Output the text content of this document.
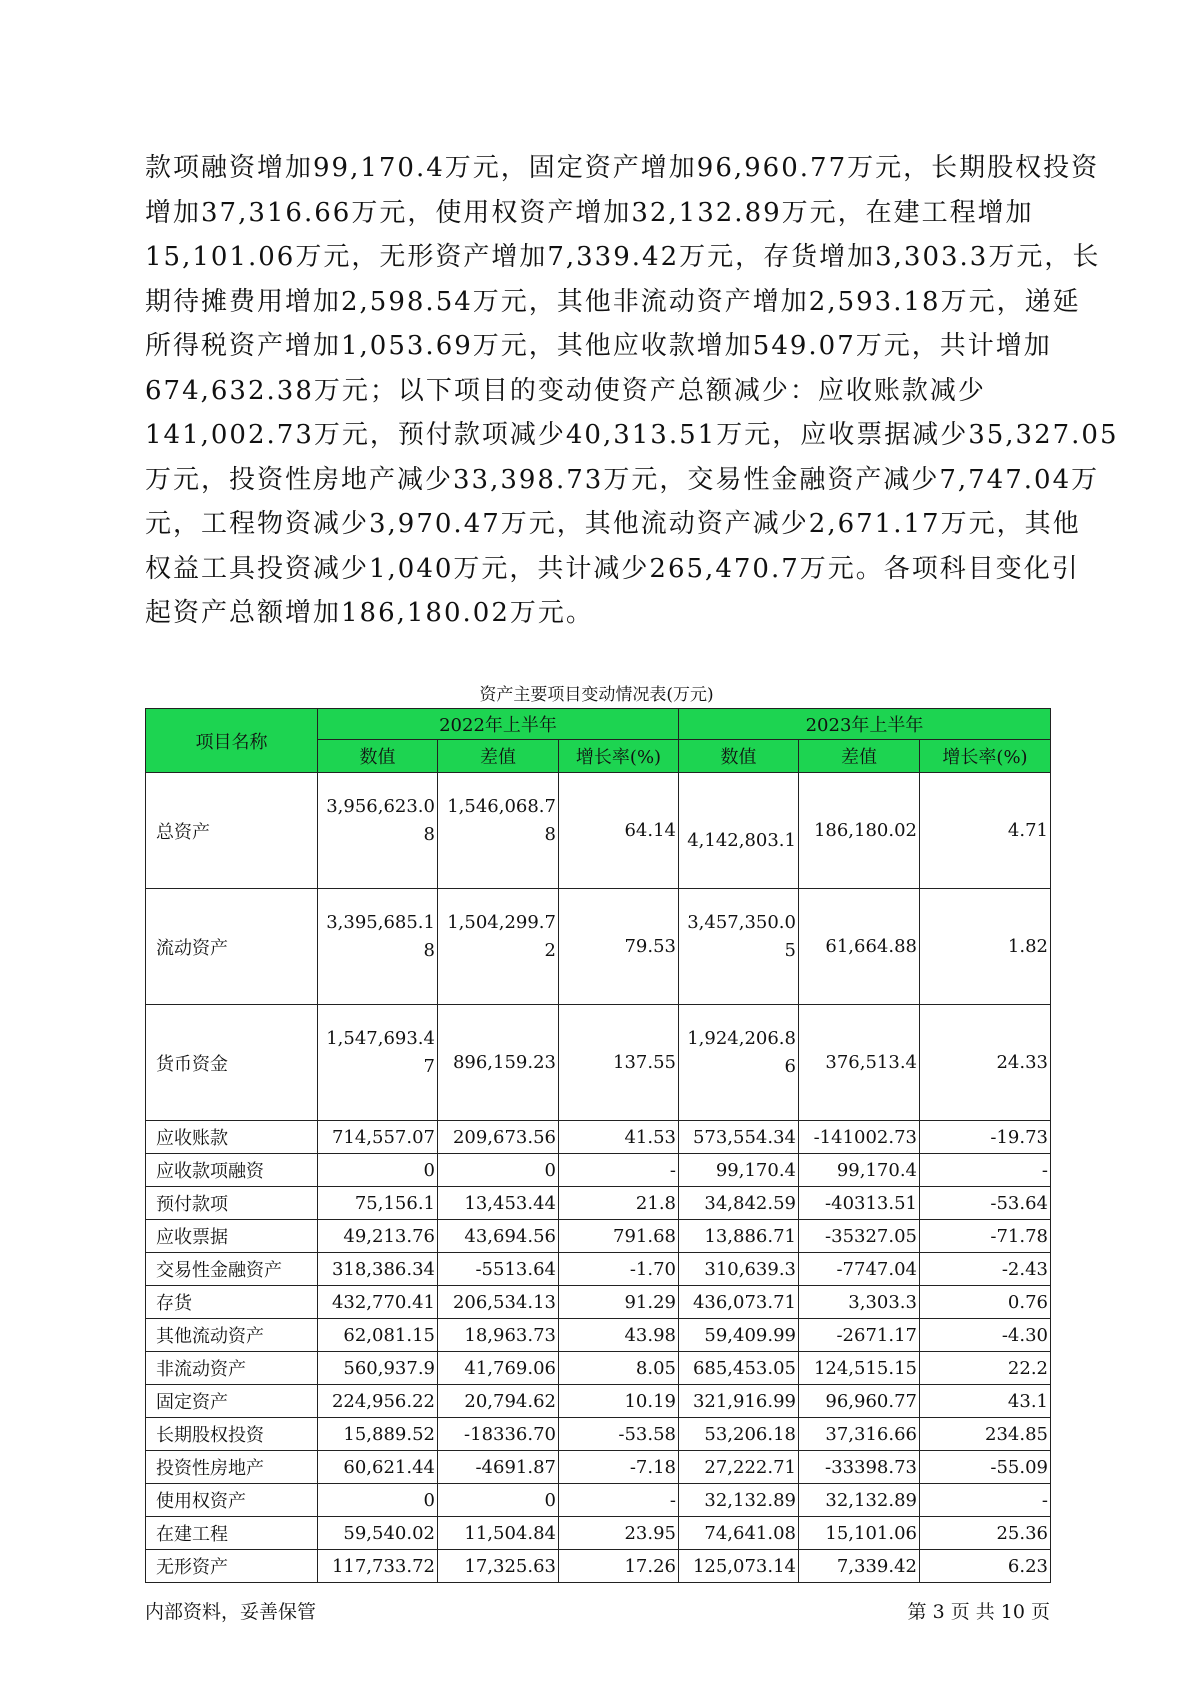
款项融资增加99,170.4万元，固定资产增加96,960.77万元，长期股权投资
增加37,316.66万元，使用权资产增加32,132.89万元，在建工程增加
15,101.06万元，无形资产增加7,339.42万元，存货增加3,303.3万元，长
期待摊费用增加2,598.54万元，其他非流动资产增加2,593.18万元，递延
所得税资产增加1,053.69万元，其他应收款增加549.07万元，共计增加
674,632.38万元；以下项目的变动使资产总额减少：应收账款减少
141,002.73万元，预付款项减少40,313.51万元，应收票据减少35,327.05
万元，投资性房地产减少33,398.73万元，交易性金融资产减少7,747.04万
元，工程物资减少3,970.47万元，其他流动资产减少2,671.17万元，其他
权益工具投资减少1,040万元，共计减少265,470.7万元。各项科目变化引
起资产总额增加186,180.02万元。
资产主要项目变动情况表(万元)
项目名称	2022年上半年			2023年上半年		
	数值	差值	增长率(%)	数值	差值	增长率(%)
总资产	3,956,623.08	1,546,068.78	64.14	4,142,803.1	186,180.02	4.71
流动资产	3,395,685.18	1,504,299.72	79.53	3,457,350.05	61,664.88	1.82
货币资金	1,547,693.47	896,159.23	137.55	1,924,206.86	376,513.4	24.33
应收账款	714,557.07	209,673.56	41.53	573,554.34	-141002.73	-19.73
应收款项融资	0	0	-	99,170.4	99,170.4	-
预付款项	75,156.1	13,453.44	21.8	34,842.59	-40313.51	-53.64
应收票据	49,213.76	43,694.56	791.68	13,886.71	-35327.05	-71.78
交易性金融资产	318,386.34	-5513.64	-1.70	310,639.3	-7747.04	-2.43
存货	432,770.41	206,534.13	91.29	436,073.71	3,303.3	0.76
其他流动资产	62,081.15	18,963.73	43.98	59,409.99	-2671.17	-4.30
非流动资产	560,937.9	41,769.06	8.05	685,453.05	124,515.15	22.2
固定资产	224,956.22	20,794.62	10.19	321,916.99	96,960.77	43.1
长期股权投资	15,889.52	-18336.70	-53.58	53,206.18	37,316.66	234.85
投资性房地产	60,621.44	-4691.87	-7.18	27,222.71	-33398.73	-55.09
使用权资产	0	0	-	32,132.89	32,132.89	-
在建工程	59,540.02	11,504.84	23.95	74,641.08	15,101.06	25.36
无形资产	117,733.72	17,325.63	17.26	125,073.14	7,339.42	6.23
内部资料，妥善保管	第 3 页 共 10 页
